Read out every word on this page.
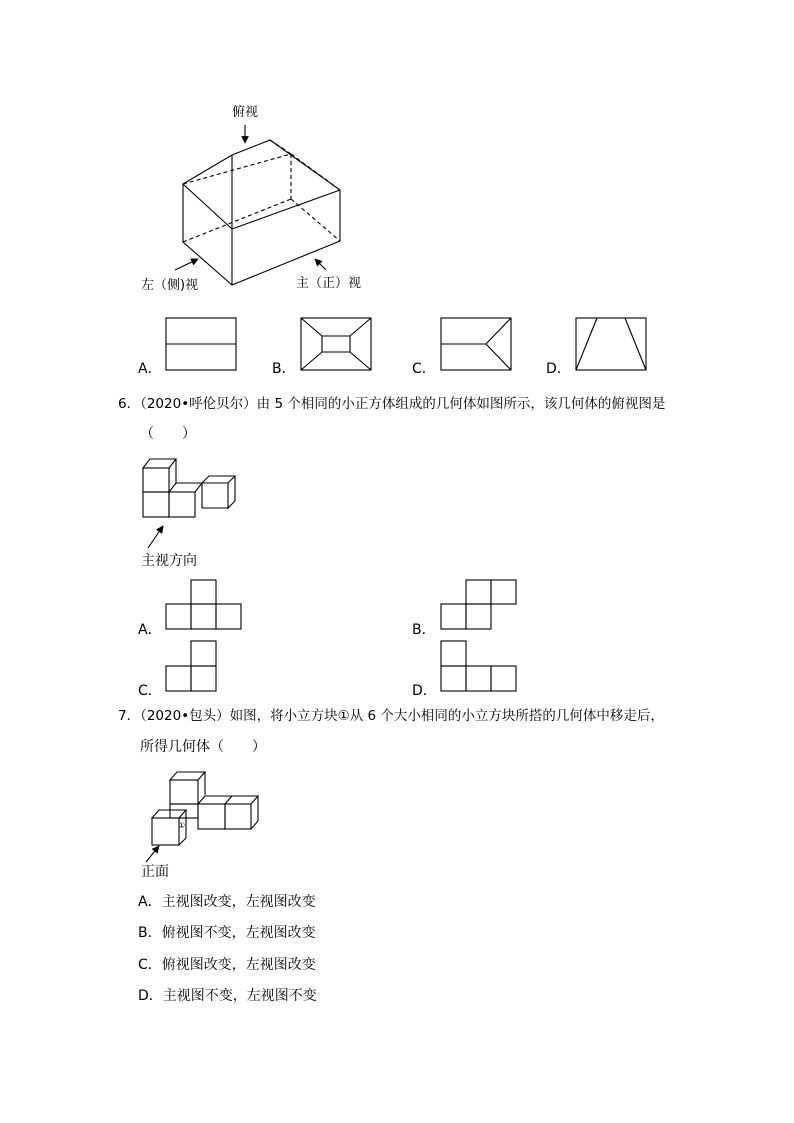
俯视
左（侧)视	主（正）视
A．	B．	C．	D．
6．（2020•呼伦贝尔）由 5 个相同的小正方体组成的几何体如图所示，该几何体的俯视图是
（　　）
主视方向
A．	B．
C．	D．
7．（2020•包头）如图，将小立方块①从 6 个大小相同的小立方块所搭的几何体中移走后，
所得几何体（　　）
①
正面
A．主视图改变，左视图改变
B．俯视图不变，左视图改变
C．俯视图改变，左视图改变
D．主视图不变，左视图不变
